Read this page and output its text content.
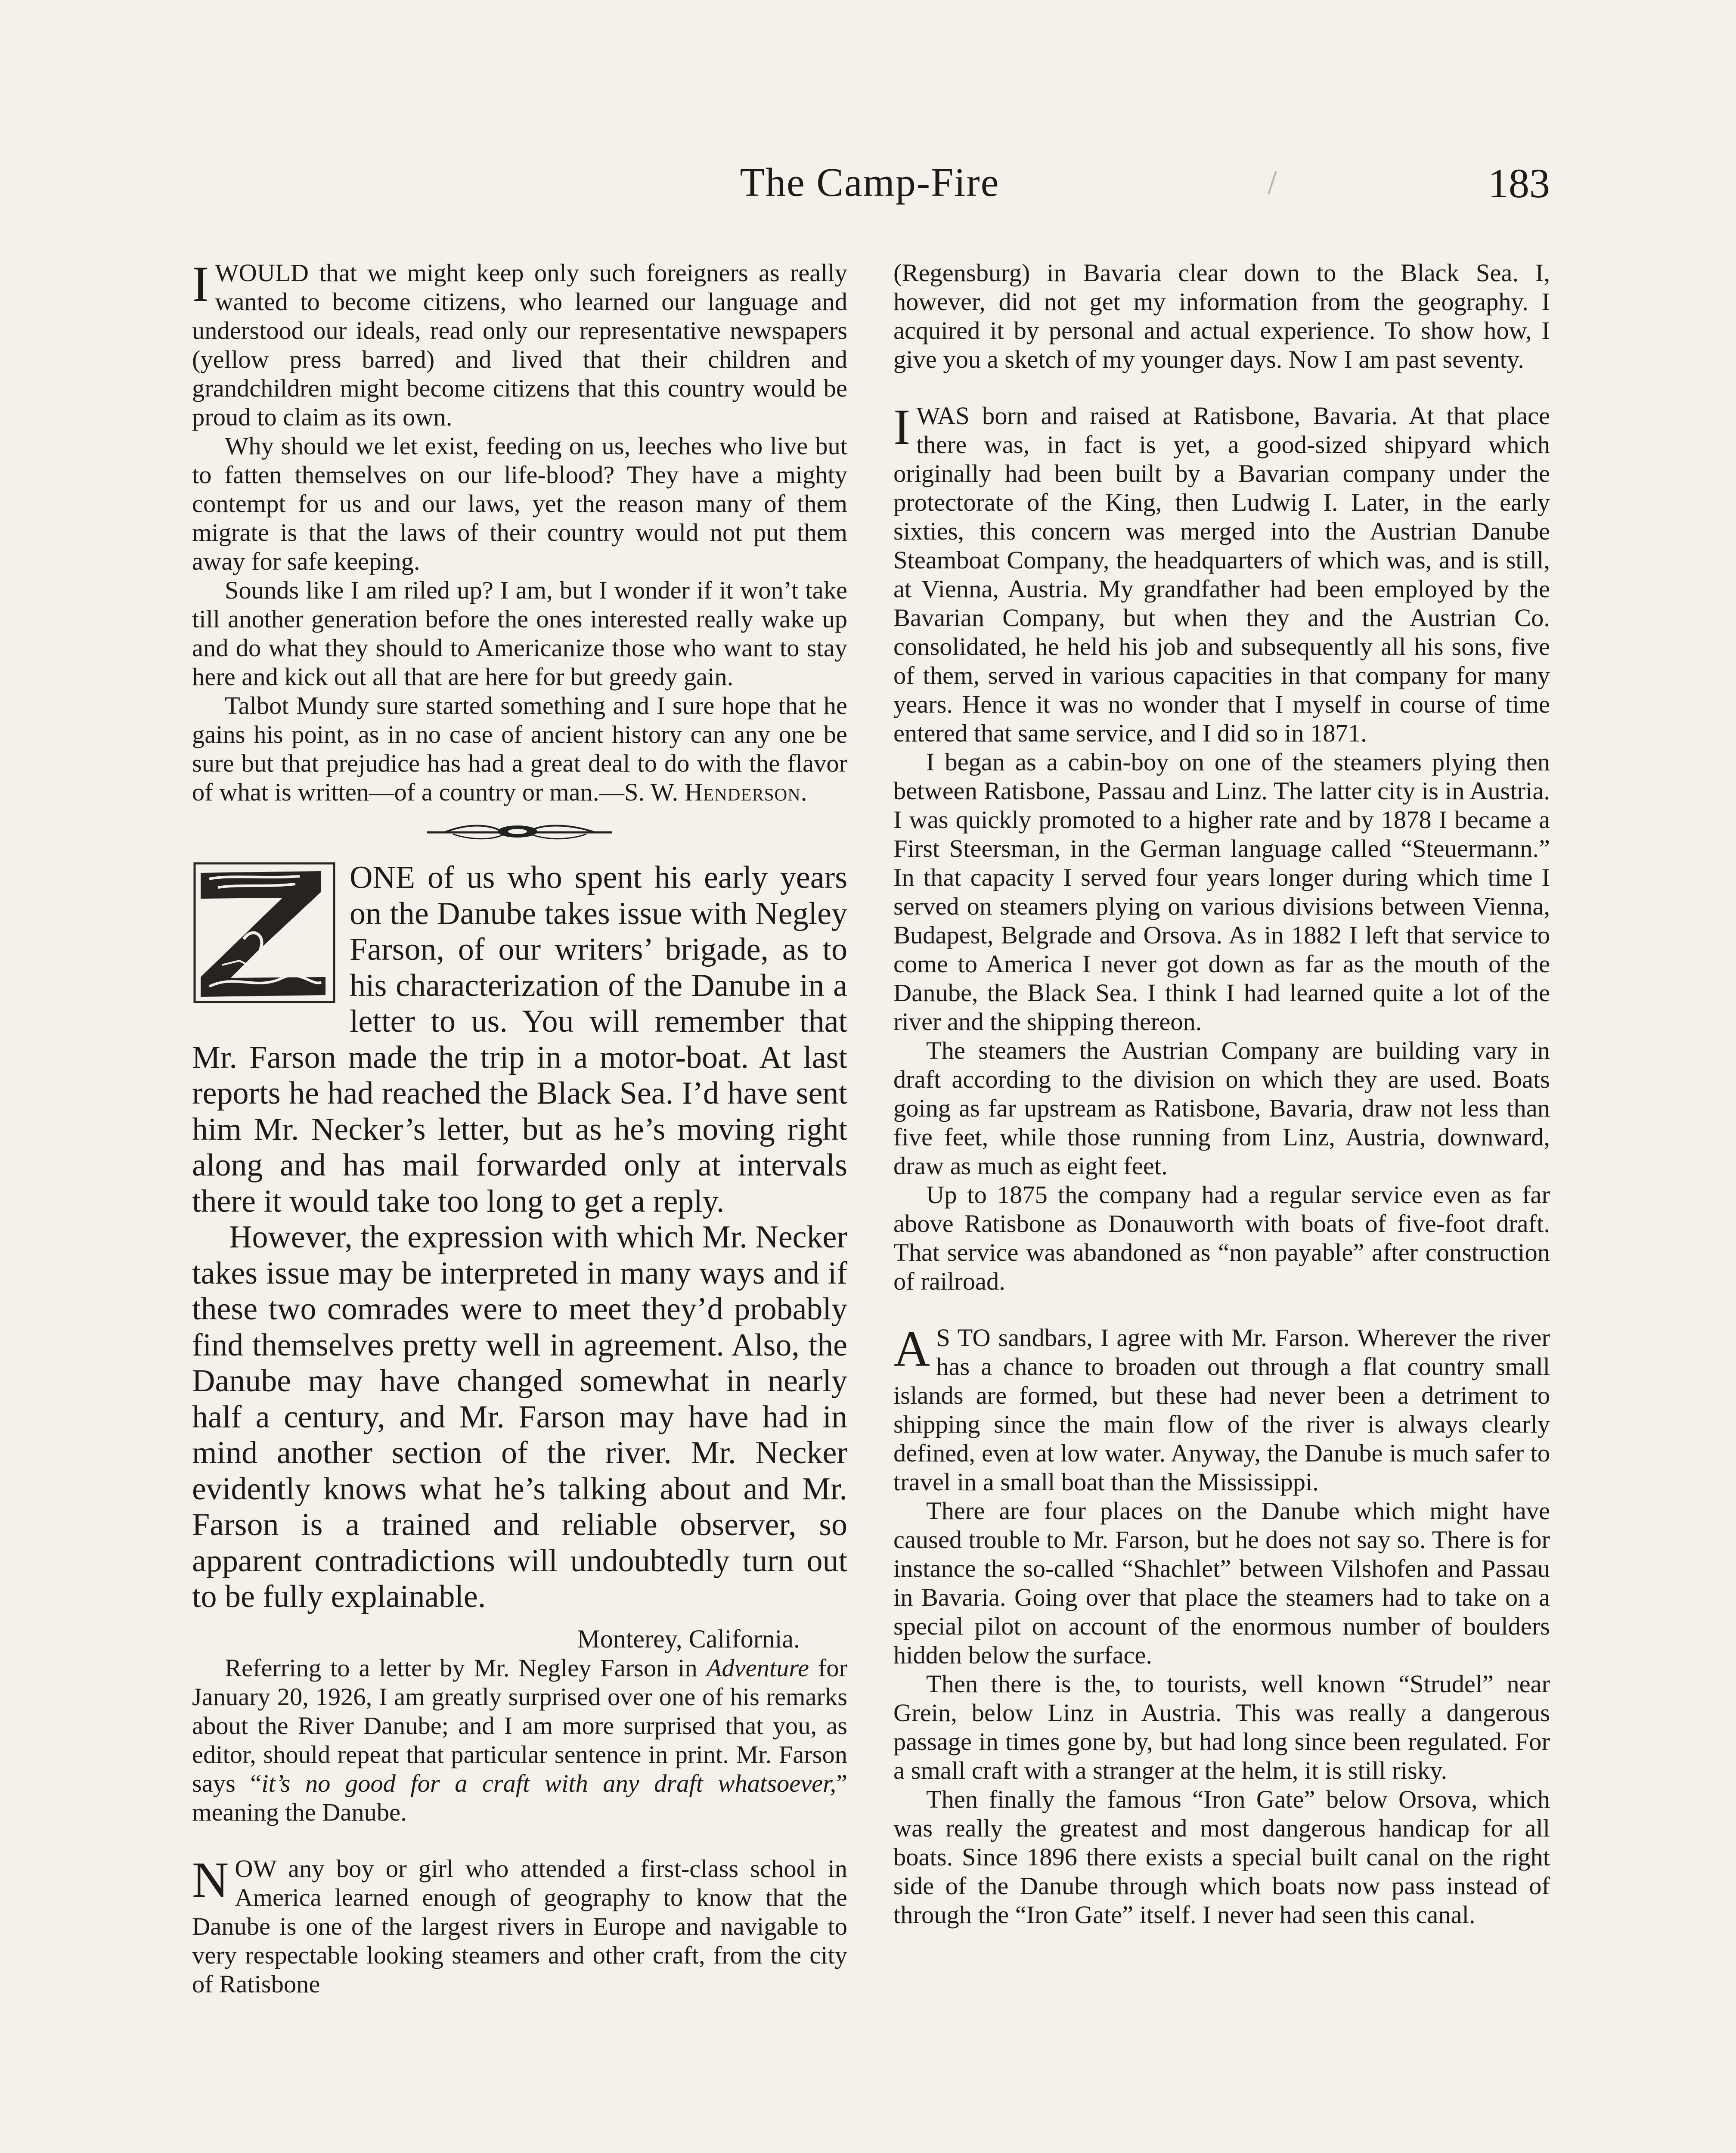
The Camp-Fire	183

IWOULD that we might keep only such foreigners as really wanted to become citizens, who learned our language and understood our ideals, read only our representative newspapers (yellow press barred) and lived that their children and grandchildren might become citizens that this country would be proud to claim as its own.

Why should we let exist, feeding on us, leeches who live but to fatten themselves on our life-blood? They have a mighty contempt for us and our laws, yet the reason many of them migrate is that the laws of their country would not put them away for safe keeping.

Sounds like I am riled up? I am, but I wonder if it won’t take till another generation before the ones interested really wake up and do what they should to Americanize those who want to stay here and kick out all that are here for but greedy gain.

Talbot Mundy sure started something and I sure hope that he gains his point, as in no case of ancient history can any one be sure but that prejudice has had a great deal to do with the flavor of what is written—of a country or man.—S. W. Henderson.

ONE of us who spent his early years on the Danube takes issue with Negley Farson, of our writers’ brigade, as to his characterization of the Danube in a letter to us. You will remember that Mr. Farson made the trip in a motor-boat. At last reports he had reached the Black Sea. I’d have sent him Mr. Necker’s letter, but as he’s moving right along and has mail forwarded only at intervals there it would take too long to get a reply.

However, the expression with which Mr. Necker takes issue may be interpreted in many ways and if these two comrades were to meet they’d probably find themselves pretty well in agreement. Also, the Danube may have changed somewhat in nearly half a century, and Mr. Farson may have had in mind another section of the river. Mr. Necker evidently knows what he’s talking about and Mr. Farson is a trained and reliable observer, so apparent contradictions will undoubtedly turn out to be fully explainable.

Monterey, California.

Referring to a letter by Mr. Negley Farson in Adventure for January 20, 1926, I am greatly surprised over one of his remarks about the River Danube; and I am more surprised that you, as editor, should repeat that particular sentence in print. Mr. Farson says “it’s no good for a craft with any draft whatsoever,” meaning the Danube.

NOW any boy or girl who attended a first-class school in America learned enough of geography to know that the Danube is one of the largest rivers in Europe and navigable to very respectable looking steamers and other craft, from the city of Ratisbone

(Regensburg) in Bavaria clear down to the Black Sea. I, however, did not get my information from the geography. I acquired it by personal and actual experience. To show how, I give you a sketch of my younger days. Now I am past seventy.

IWAS born and raised at Ratisbone, Bavaria. At that place there was, in fact is yet, a good-sized shipyard which originally had been built by a Bavarian company under the protectorate of the King, then Ludwig I. Later, in the early sixties, this concern was merged into the Austrian Danube Steamboat Company, the headquarters of which was, and is still, at Vienna, Austria. My grandfather had been employed by the Bavarian Company, but when they and the Austrian Co. consolidated, he held his job and subsequently all his sons, five of them, served in various capacities in that company for many years. Hence it was no wonder that I myself in course of time entered that same service, and I did so in 1871.

I began as a cabin-boy on one of the steamers plying then between Ratisbone, Passau and Linz. The latter city is in Austria. I was quickly promoted to a higher rate and by 1878 I became a First Steersman, in the German language called “Steuermann.” In that capacity I served four years longer during which time I served on steamers plying on various divisions between Vienna, Budapest, Belgrade and Orsova. As in 1882 I left that service to come to America I never got down as far as the mouth of the Danube, the Black Sea. I think I had learned quite a lot of the river and the shipping thereon.

The steamers the Austrian Company are building vary in draft according to the division on which they are used. Boats going as far upstream as Ratisbone, Bavaria, draw not less than five feet, while those running from Linz, Austria, downward, draw as much as eight feet.

Up to 1875 the company had a regular service even as far above Ratisbone as Donauworth with boats of five-foot draft. That service was abandoned as “non payable” after construction of railroad.

A S TO sandbars, I agree with Mr. Farson. Wherever the river has a chance to broaden out through a flat country small islands are formed, but these had never been a detriment to shipping since the main flow of the river is always clearly defined, even at low water. Anyway, the Danube is much safer to travel in a small boat than the Mississippi.

There are four places on the Danube which might have caused trouble to Mr. Farson, but he does not say so. There is for instance the so-called “Shachlet” between Vilshofen and Passau in Bavaria. Going over that place the steamers had to take on a special pilot on account of the enormous number of boulders hidden below the surface.

Then there is the, to tourists, well known “Strudel” near Grein, below Linz in Austria. This was really a dangerous passage in times gone by, but had long since been regulated. For a small craft with a stranger at the helm, it is still risky.

Then finally the famous “Iron Gate” below Orsova, which was really the greatest and most dangerous handicap for all boats. Since 1896 there exists a special built canal on the right side of the Danube through which boats now pass instead of through the “Iron Gate” itself. I never had seen this canal.
